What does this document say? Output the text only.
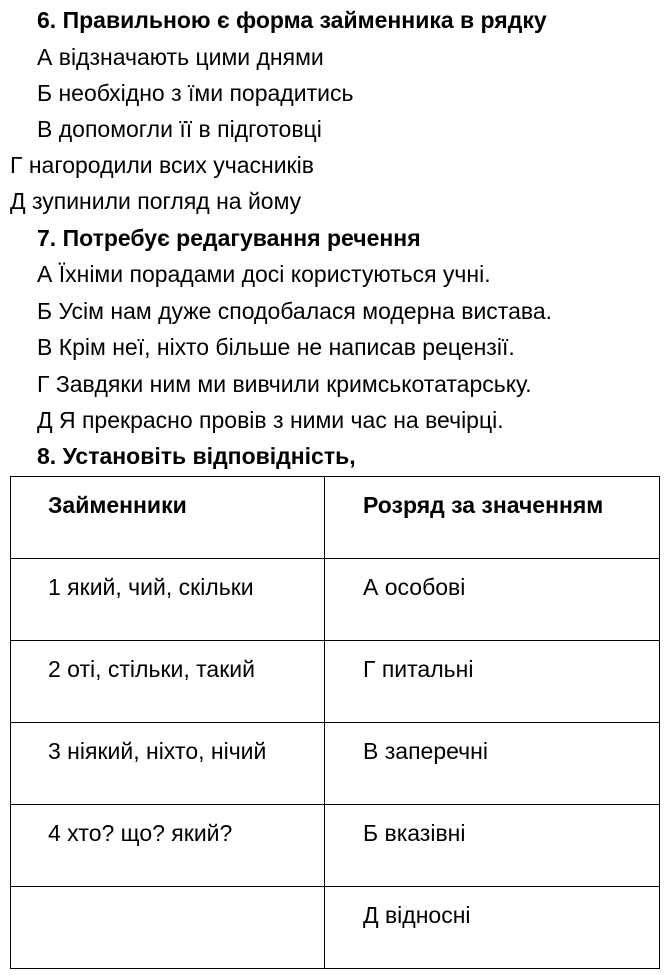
6. Правильною є форма займенника в рядку
А відзначають цими днями
Б необхідно з їми порадитись
В допомогли її в підготовці
Г нагородили всих учасників
Д зупинили погляд на йому
7. Потребує редагування речення
А Їхніми порадами досі користуються учні.
Б Усім нам дуже сподобалася модерна вистава.
В Крім неї, ніхто більше не написав рецензії.
Г Завдяки ним ми вивчили кримськотатарську.
Д Я прекрасно провів з ними час на вечірці.
8. Установіть відповідність,
Займенники	Розряд за значенням

1 який, чий, скільки	А особові

2 оті, стільки, такий	Г питальні

3 ніякий, ніхто, нічий	В заперечні

4 хто? що? який?	Б вказівні

	Д відносні
